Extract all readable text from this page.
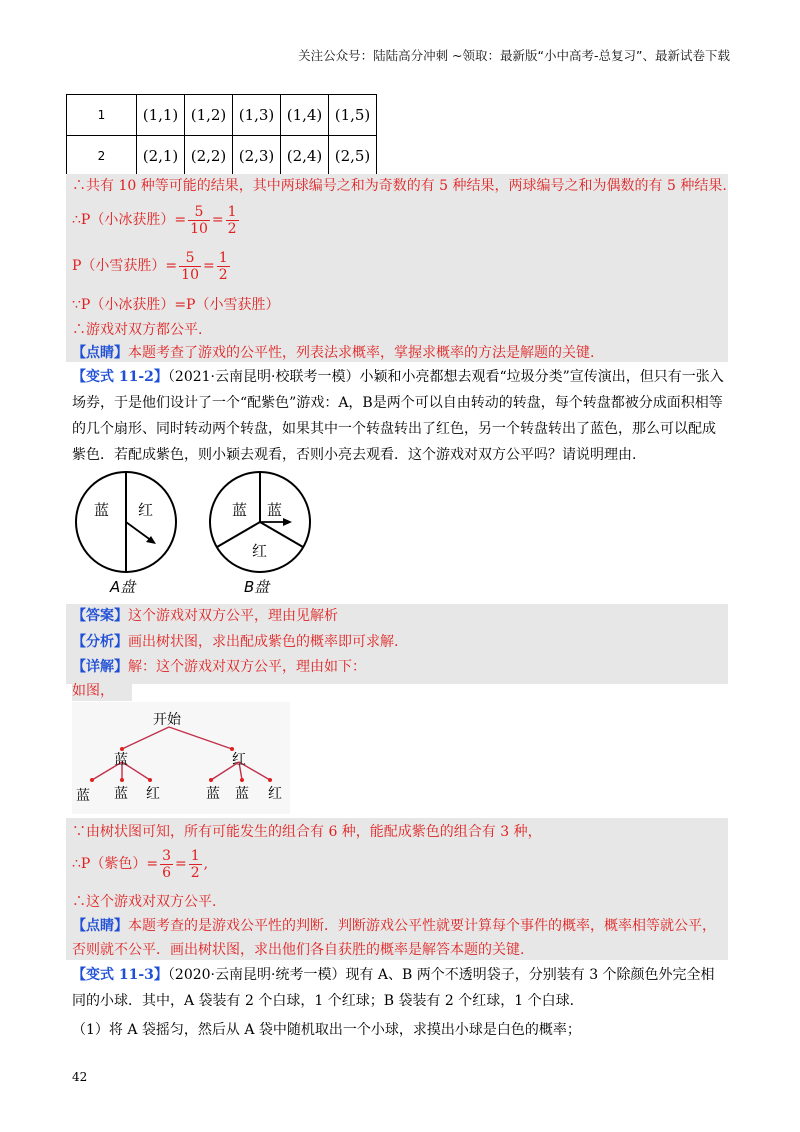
关注公众号：陆陆高分冲刺 ~领取：最新版“小中高考-总复习”、最新试卷下载
1	(1,1)	(1,2)	(1,3)	(1,4)	(1,5)
2	(2,1)	(2,2)	(2,3)	(2,4)	(2,5)
∴共有 10 种等可能的结果，其中两球编号之和为奇数的有 5 种结果，两球编号之和为偶数的有 5 种结果.
∴P（小冰获胜）= $\frac{5}{10} = \frac{1}{2}$
P（小雪获胜）= $\frac{5}{10} = \frac{1}{2}$
∵P（小冰获胜）=P（小雪获胜）
∴游戏对双方都公平.
【点睛】本题考查了游戏的公平性，列表法求概率，掌握求概率的方法是解题的关键.
【变式 11-2】（2021·云南昆明·校联考一模）小颖和小亮都想去观看“垃圾分类”宣传演出，但只有一张入场券，于是他们设计了一个“配紫色”游戏：A，B是两个可以自由转动的转盘，每个转盘都被分成面积相等的几个扇形、同时转动两个转盘，如果其中一个转盘转出了红色，另一个转盘转出了蓝色，那么可以配成紫色．若配成紫色，则小颖去观看，否则小亮去观看．这个游戏对双方公平吗？请说明理由.
蓝 红
A盘
蓝 蓝
红
B盘
【答案】这个游戏对双方公平，理由见解析
【分析】画出树状图，求出配成紫色的概率即可求解.
【详解】解：这个游戏对双方公平，理由如下：
如图，
开始
蓝	红
蓝 蓝 红	蓝 蓝 红
∵由树状图可知，所有可能发生的组合有 6 种，能配成紫色的组合有 3 种，
∴P（紫色）= $\frac{3}{6} = \frac{1}{2}$ ,
∴这个游戏对双方公平.
【点睛】本题考查的是游戏公平性的判断．判断游戏公平性就要计算每个事件的概率，概率相等就公平，否则就不公平．画出树状图，求出他们各自获胜的概率是解答本题的关键.
【变式 11-3】（2020·云南昆明·统考一模）现有 A、B 两个不透明袋子，分别装有 3 个除颜色外完全相同的小球．其中，A 袋装有 2 个白球，1 个红球；B 袋装有 2 个红球，1 个白球.
（1）将 A 袋摇匀，然后从 A 袋中随机取出一个小球，求摸出小球是白色的概率；
42
